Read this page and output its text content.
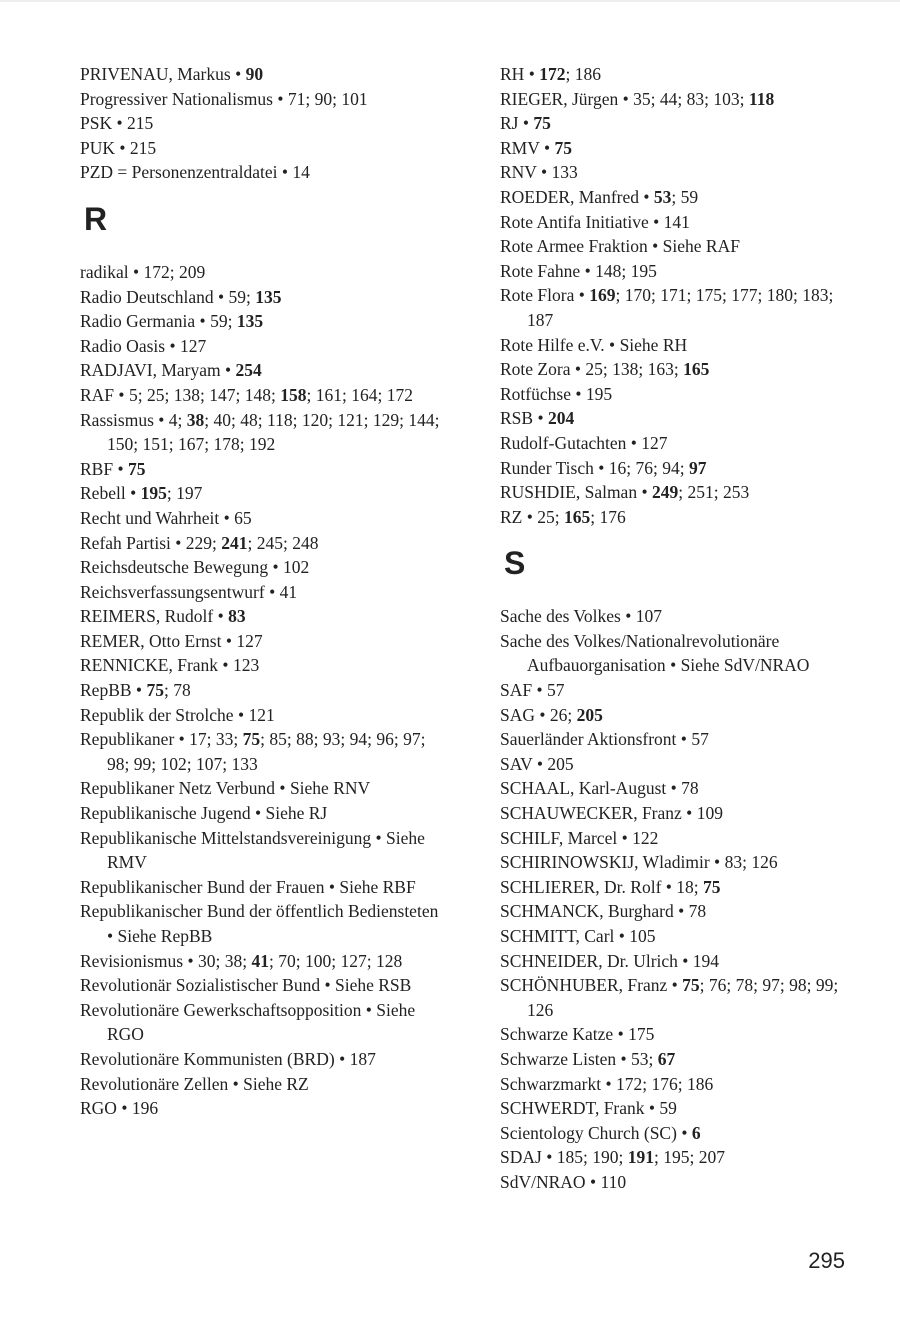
PRIVENAU, Markus • 90
Progressiver Nationalismus • 71; 90; 101
PSK • 215
PUK • 215
PZD = Personenzentraldatei • 14
R
radikal • 172; 209
Radio Deutschland • 59; 135
Radio Germania • 59; 135
Radio Oasis • 127
RADJAVI, Maryam • 254
RAF • 5; 25; 138; 147; 148; 158; 161; 164; 172
Rassismus • 4; 38; 40; 48; 118; 120; 121; 129; 144; 150; 151; 167; 178; 192
RBF • 75
Rebell • 195; 197
Recht und Wahrheit • 65
Refah Partisi • 229; 241; 245; 248
Reichsdeutsche Bewegung • 102
Reichsverfassungsentwurf • 41
REIMERS, Rudolf • 83
REMER, Otto Ernst • 127
RENNICKE, Frank • 123
RepBB • 75; 78
Republik der Strolche • 121
Republikaner • 17; 33; 75; 85; 88; 93; 94; 96; 97; 98; 99; 102; 107; 133
Republikaner Netz Verbund • Siehe RNV
Republikanische Jugend • Siehe RJ
Republikanische Mittelstandsvereinigung • Siehe RMV
Republikanischer Bund der Frauen • Siehe RBF
Republikanischer Bund der öffentlich Bediensteten • Siehe RepBB
Revisionismus • 30; 38; 41; 70; 100; 127; 128
Revolutionär Sozialistischer Bund • Siehe RSB
Revolutionäre Gewerkschaftsopposition • Siehe RGO
Revolutionäre Kommunisten (BRD) • 187
Revolutionäre Zellen • Siehe RZ
RGO • 196
RH • 172; 186
RIEGER, Jürgen • 35; 44; 83; 103; 118
RJ • 75
RMV • 75
RNV • 133
ROEDER, Manfred • 53; 59
Rote Antifa Initiative • 141
Rote Armee Fraktion • Siehe RAF
Rote Fahne • 148; 195
Rote Flora • 169; 170; 171; 175; 177; 180; 183; 187
Rote Hilfe e.V. • Siehe RH
Rote Zora • 25; 138; 163; 165
Rotfüchse • 195
RSB • 204
Rudolf-Gutachten • 127
Runder Tisch • 16; 76; 94; 97
RUSHDIE, Salman • 249; 251; 253
RZ • 25; 165; 176
S
Sache des Volkes • 107
Sache des Volkes/Nationalrevolutionäre Aufbauorganisation • Siehe SdV/NRAO
SAF • 57
SAG • 26; 205
Sauerländer Aktionsfront • 57
SAV • 205
SCHAAL, Karl-August • 78
SCHAUWECKER, Franz • 109
SCHILF, Marcel • 122
SCHIRINOWSKIJ, Wladimir • 83; 126
SCHLIERER, Dr. Rolf • 18; 75
SCHMANCK, Burghard • 78
SCHMITT, Carl • 105
SCHNEIDER, Dr. Ulrich • 194
SCHÖNHUBER, Franz • 75; 76; 78; 97; 98; 99; 126
Schwarze Katze • 175
Schwarze Listen • 53; 67
Schwarzmarkt • 172; 176; 186
SCHWERDT, Frank • 59
Scientology Church (SC) • 6
SDAJ • 185; 190; 191; 195; 207
SdV/NRAO • 110
295
